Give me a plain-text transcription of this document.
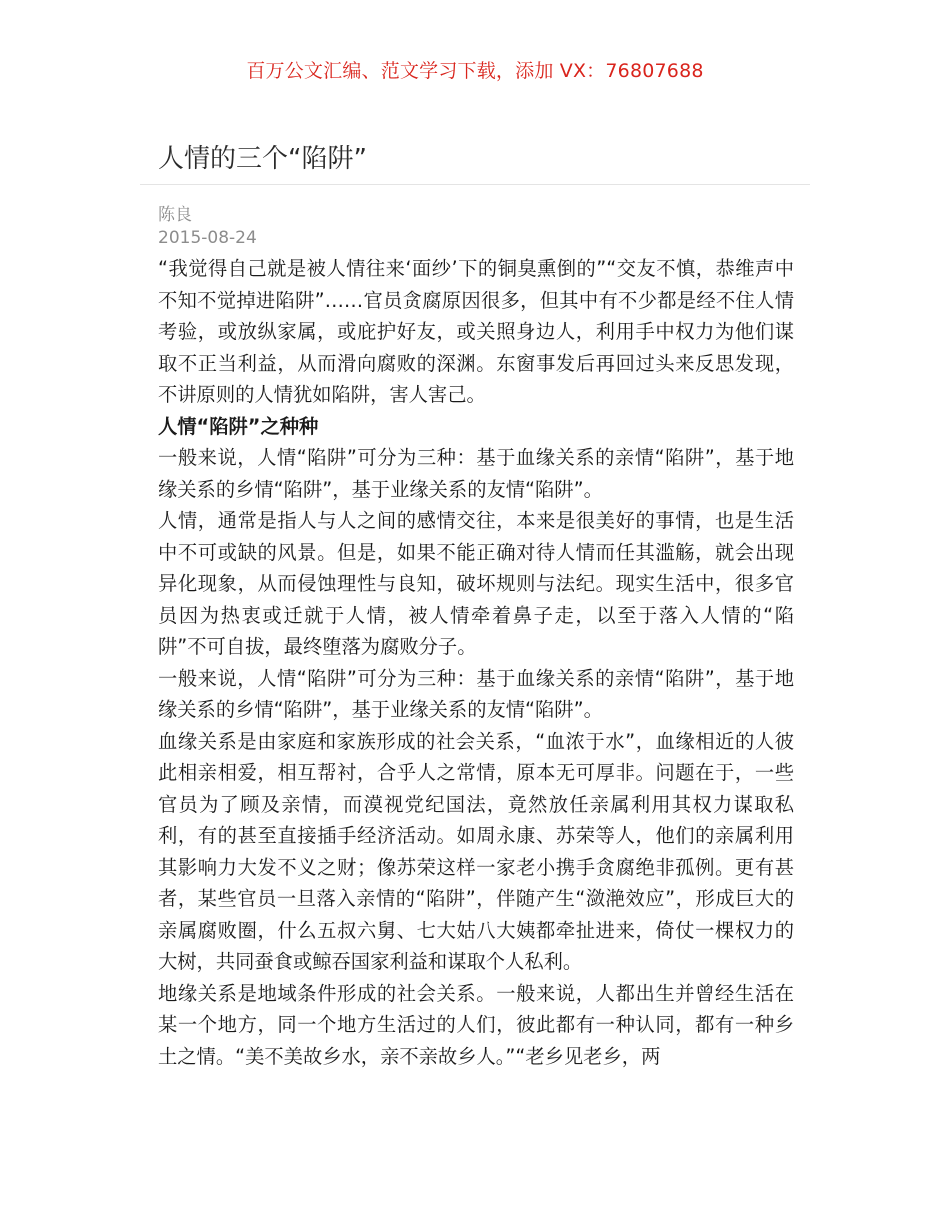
百万公文汇编、范文学习下载，添加 VX：76807688
人情的三个“陷阱”
陈良
2015-08-24

“我觉得自己就是被人情往来‘面纱’下的铜臭熏倒的”“交友不慎，恭维声中不知不觉掉进陷阱”……官员贪腐原因很多，但其中有不少都是经不住人情考验，或放纵家属，或庇护好友，或关照身边人，利用手中权力为他们谋取不正当利益，从而滑向腐败的深渊。东窗事发后再回过头来反思发现，不讲原则的人情犹如陷阱，害人害己。

人情“陷阱”之种种

一般来说，人情“陷阱”可分为三种：基于血缘关系的亲情“陷阱”，基于地缘关系的乡情“陷阱”，基于业缘关系的友情“陷阱”。

人情，通常是指人与人之间的感情交往，本来是很美好的事情，也是生活中不可或缺的风景。但是，如果不能正确对待人情而任其滥觞，就会出现异化现象，从而侵蚀理性与良知，破坏规则与法纪。现实生活中，很多官员因为热衷或迁就于人情，被人情牵着鼻子走，以至于落入人情的“陷阱”不可自拔，最终堕落为腐败分子。

一般来说，人情“陷阱”可分为三种：基于血缘关系的亲情“陷阱”，基于地缘关系的乡情“陷阱”，基于业缘关系的友情“陷阱”。

血缘关系是由家庭和家族形成的社会关系，“血浓于水”，血缘相近的人彼此相亲相爱，相互帮衬，合乎人之常情，原本无可厚非。问题在于，一些官员为了顾及亲情，而漠视党纪国法，竟然放任亲属利用其权力谋取私利，有的甚至直接插手经济活动。如周永康、苏荣等人，他们的亲属利用其影响力大发不义之财；像苏荣这样一家老小携手贪腐绝非孤例。更有甚者，某些官员一旦落入亲情的“陷阱”，伴随产生“潋滟效应”，形成巨大的亲属腐败圈，什么五叔六舅、七大姑八大姨都牵扯进来，倚仗一棵权力的大树，共同蚕食或鲸吞国家利益和谋取个人私利。

地缘关系是地域条件形成的社会关系。一般来说，人都出生并曾经生活在某一个地方，同一个地方生活过的人们，彼此都有一种认同，都有一种乡土之情。“美不美故乡水，亲不亲故乡人。”“老乡见老乡，两
